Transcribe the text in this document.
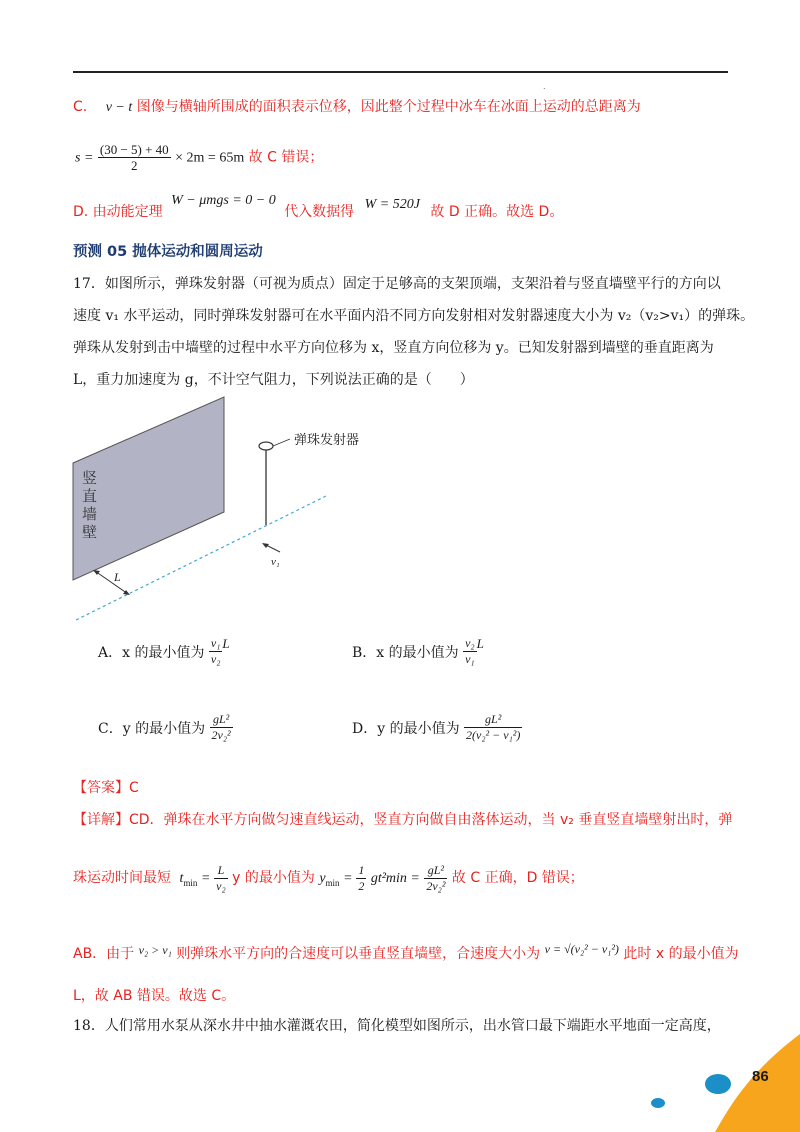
.
C. v − t 图像与横轴所围成的面积表示位移，因此整个过程中冰车在冰面上运动的总距离为
$s = \frac{(30 - 5) + 40}{2} \times 2m = 65m$ 故 C 错误；
D. 由动能定理 W − μmgs = 0 − 0 代入数据得 W = 520J 故 D 正确。故选 D。
预测 05 抛体运动和圆周运动
17．如图所示，弹珠发射器（可视为质点）固定于足够高的支架顶端，支架沿着与竖直墙壁平行的方向以
速度 v₁ 水平运动，同时弹珠发射器可在水平面内沿不同方向发射相对发射器速度大小为 v₂（v₂>v₁）的弹珠。
弹珠从发射到击中墙壁的过程中水平方向位移为 x，竖直方向位移为 y。已知发射器到墙壁的垂直距离为
L，重力加速度为 g，不计空气阻力，下列说法正确的是（　　）
竖
直
墙
壁
弹珠发射器
v₁
L
A．x 的最小值为 $\frac{\text{v₁}}{\text{v₂}}$ L
B．x 的最小值为 $\frac{\text{v₂}}{\text{v₁}}$ L
C．y 的最小值为 $\frac{\text{gL²}}{\text{2v₂²}}$	D．y 的最小值为 $\frac{\text{gL²}}{\text{2(v₂² − v₁²)}}$
【答案】C
【详解】CD．弹珠在水平方向做匀速直线运动，竖直方向做自由落体运动，当 v₂ 垂直竖直墙壁射出时，弹
珠运动时间最短 $t_{min} = \frac{L}{\text{v₂}}$ y 的最小值为 $y_{min} = \frac{1}{2} gt^2\min = \frac{\text{gL²}}{\text{2v₂²}}$ 故 C 正确，D 错误；
AB．由于 v₂ > v₁ 则弹珠水平方向的合速度可以垂直竖直墙壁，合速度大小为 v = √(v₂² − v₁²) 此时 x 的最小值为
L，故 AB 错误。故选 C。
18．人们常用水泵从深水井中抽水灌溉农田，简化模型如图所示，出水管口最下端距水平地面一定高度，
86
